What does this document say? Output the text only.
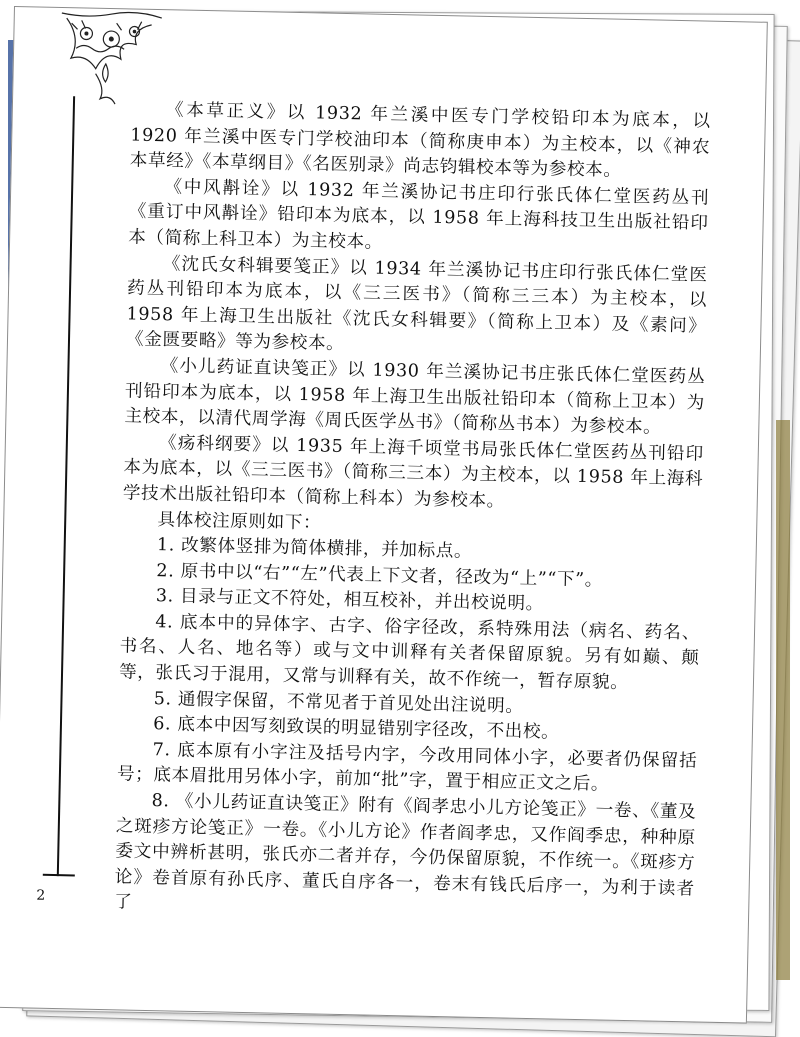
2

《本草正义》以 1932 年兰溪中医专门学校铅印本为底本，以 1920 年兰溪中医专门学校油印本（简称庚申本）为主校本，以《神农本草经》《本草纲目》《名医别录》尚志钧辑校本等为参校本。

《中风斠诠》以 1932 年兰溪协记书庄印行张氏体仁堂医药丛刊《重订中风斠诠》铅印本为底本，以 1958 年上海科技卫生出版社铅印本（简称上科卫本）为主校本。

《沈氏女科辑要笺正》以 1934 年兰溪协记书庄印行张氏体仁堂医药丛刊铅印本为底本，以《三三医书》（简称三三本）为主校本，以 1958 年上海卫生出版社《沈氏女科辑要》（简称上卫本）及《素问》《金匮要略》等为参校本。

《小儿药证直诀笺正》以 1930 年兰溪协记书庄张氏体仁堂医药丛刊铅印本为底本，以 1958 年上海卫生出版社铅印本（简称上卫本）为主校本，以清代周学海《周氏医学丛书》（简称丛书本）为参校本。

《疡科纲要》以 1935 年上海千顷堂书局张氏体仁堂医药丛刊铅印本为底本，以《三三医书》（简称三三本）为主校本，以 1958 年上海科学技术出版社铅印本（简称上科本）为参校本。

具体校注原则如下：

1. 改繁体竖排为简体横排，并加标点。

2. 原书中以“右”“左”代表上下文者，径改为“上”“下”。

3. 目录与正文不符处，相互校补，并出校说明。

4. 底本中的异体字、古字、俗字径改，系特殊用法（病名、药名、书名、人名、地名等）或与文中训释有关者保留原貌。另有如巅、颠等，张氏习于混用，又常与训释有关，故不作统一，暂存原貌。

5. 通假字保留，不常见者于首见处出注说明。

6. 底本中因写刻致误的明显错别字径改，不出校。

7. 底本原有小字注及括号内字，今改用同体小字，必要者仍保留括号；底本眉批用另体小字，前加“批”字，置于相应正文之后。

8. 《小儿药证直诀笺正》附有《阎孝忠小儿方论笺正》一卷、《董及之斑疹方论笺正》一卷。《小儿方论》作者阎孝忠，又作阎季忠，种种原委文中辨析甚明，张氏亦二者并存，今仍保留原貌，不作统一。《斑疹方论》卷首原有孙氏序、董氏自序各一，卷末有钱氏后序一，为利于读者了
